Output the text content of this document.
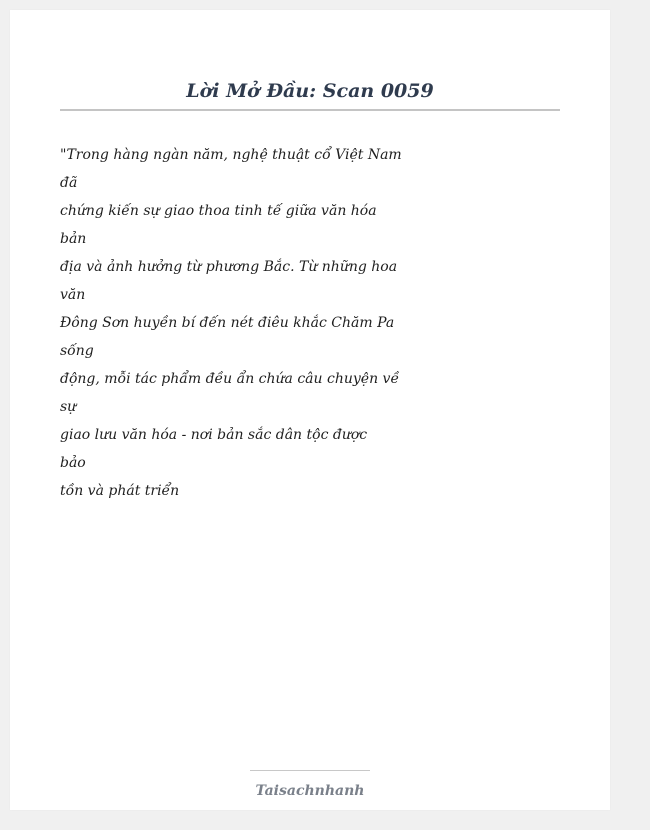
Lời Mở Đầu: Scan 0059
"Trong hàng ngàn năm, nghệ thuật cổ Việt Nam
đã
chứng kiến sự giao thoa tinh tế giữa văn hóa
bản
địa và ảnh hưởng từ phương Bắc. Từ những hoa
văn
Đông Sơn huyền bí đến nét điêu khắc Chăm Pa
sống
động, mỗi tác phẩm đều ẩn chứa câu chuyện về
sự
giao lưu văn hóa - nơi bản sắc dân tộc được
bảo
tồn và phát triển
Taisachnhanh
